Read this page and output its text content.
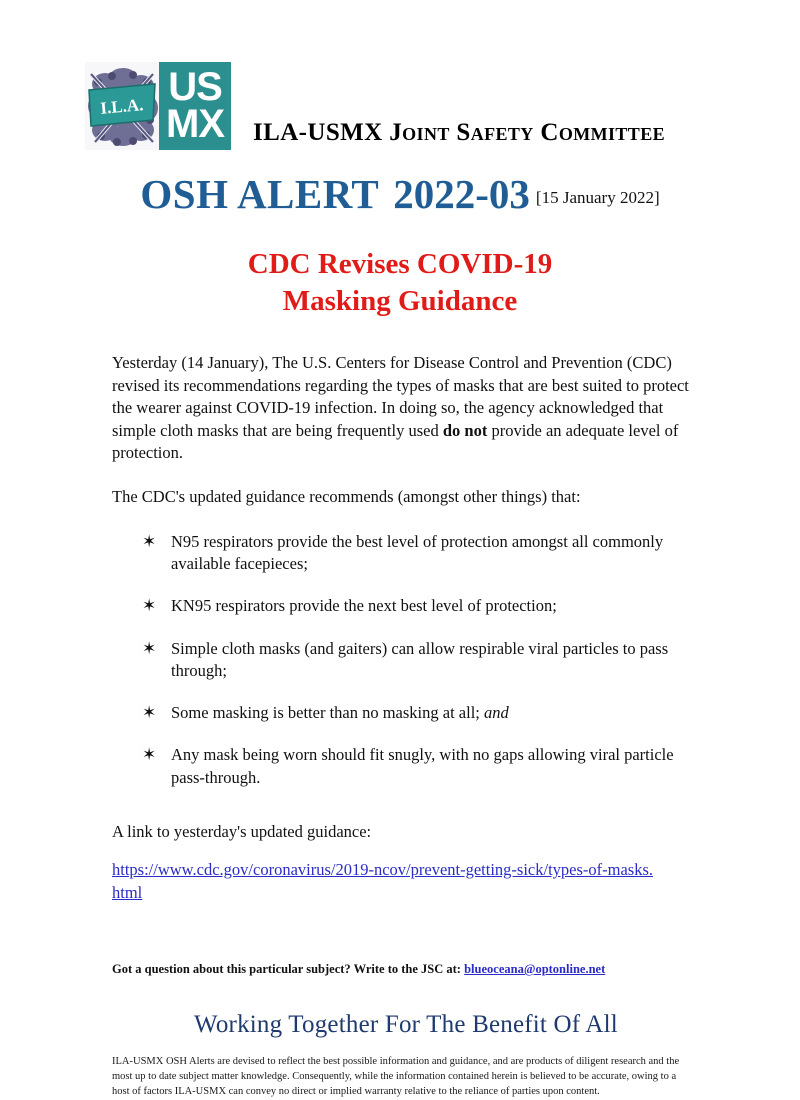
I.L.A. US
MX ILA-USMX Joint Safety Committee
OSH ALERT 2022-03 [15 January 2022]
CDC Revises COVID-19
Masking Guidance

Yesterday (14 January), The U.S. Centers for Disease Control and Prevention (CDC) revised its recommendations regarding the types of masks that are best suited to protect the wearer against COVID-19 infection. In doing so, the agency acknowledged that simple cloth masks that are being frequently used do not provide an adequate level of protection.

The CDC's updated guidance recommends (amongst other things) that:

✶ N95 respirators provide the best level of protection amongst all commonly available facepieces;
✶ KN95 respirators provide the next best level of protection;
✶ Simple cloth masks (and gaiters) can allow respirable viral particles to pass through;
✶ Some masking is better than no masking at all; and
✶ Any mask being worn should fit snugly, with no gaps allowing viral particle pass-through.

A link to yesterday's updated guidance:

https://www.cdc.gov/coronavirus/2019-ncov/prevent-getting-sick/types-of-masks.html
Got a question about this particular subject? Write to the JSC at: blueoceana@optonline.net
Working Together For The Benefit Of All
ILA-USMX OSH Alerts are devised to reflect the best possible information and guidance, and are products of diligent research and the most up to date subject matter knowledge. Consequently, while the information contained herein is believed to be accurate, owing to a host of factors ILA-USMX can convey no direct or implied warranty relative to the reliance of parties upon content.
